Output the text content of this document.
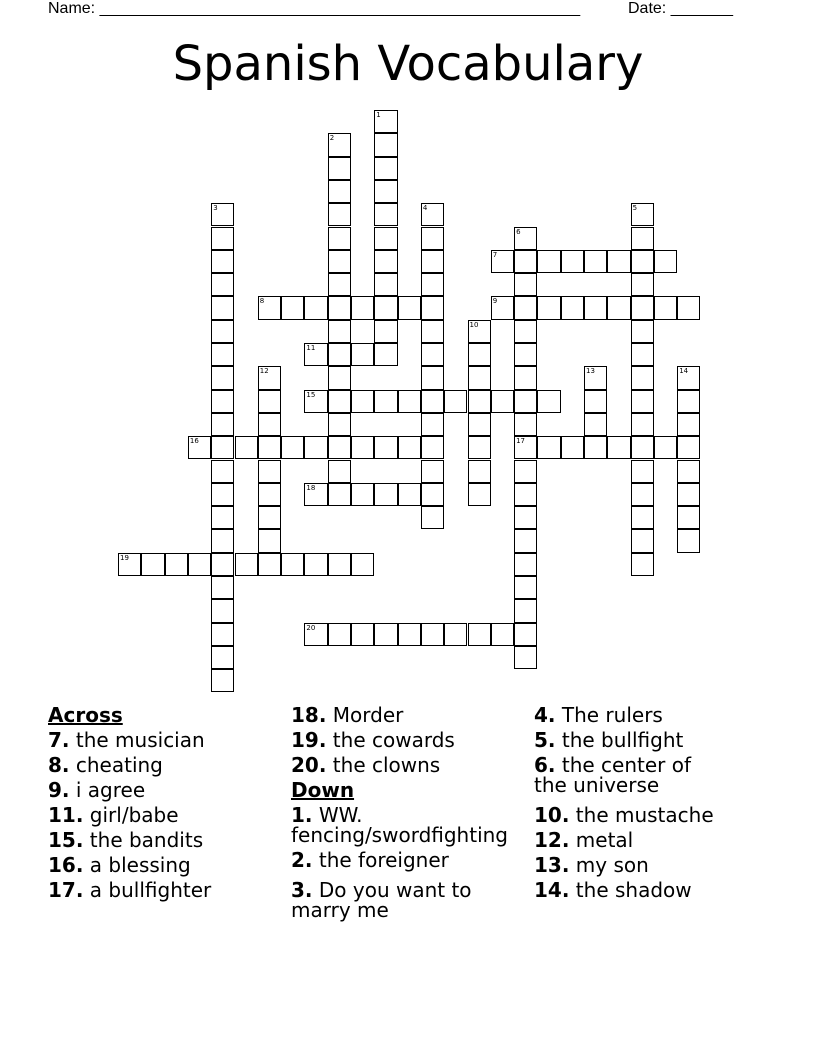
Name: ______________________________________________________	Date: _______
Spanish Vocabulary
1
2
3	4	5
6
7
8	9
10
11
12	13	14
15
16	17
18
19
20
Across
7. the musician
8. cheating
9. i agree
11. girl/babe
15. the bandits
16. a blessing
17. a bullfighter
18. Morder
19. the cowards
20. the clowns
Down
1. WW.
fencing/swordfighting
2. the foreigner
3. Do you want to
marry me
4. The rulers
5. the bullfight
6. the center of
the universe
10. the mustache
12. metal
13. my son
14. the shadow
